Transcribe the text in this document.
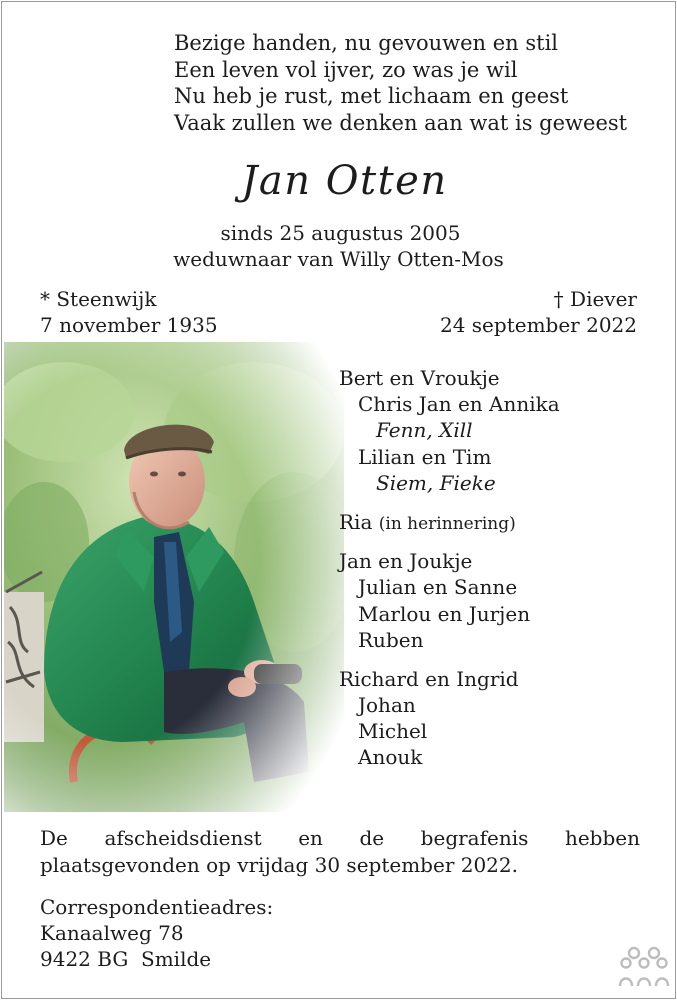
Bezige handen, nu gevouwen en stil
Een leven vol ijver, zo was je wil
Nu heb je rust, met lichaam en geest
Vaak zullen we denken aan wat is geweest
Jan Otten
sinds 25 augustus 2005
weduwnaar van Willy Otten-Mos
* Steenwijk
7 november 1935
† Diever
24 september 2022
Bert en Vroukje
Chris Jan en Annika
Fenn, Xill
Lilian en Tim
Siem, Fieke
Ria (in herinnering)
Jan en Joukje
Julian en Sanne
Marlou en Jurjen
Ruben
Richard en Ingrid
Johan
Michel
Anouk
De afscheidsdienst en de begrafenis hebben
plaatsgevonden op vrijdag 30 september 2022.
Correspondentieadres:
Kanaalweg 78
9422 BG  Smilde
